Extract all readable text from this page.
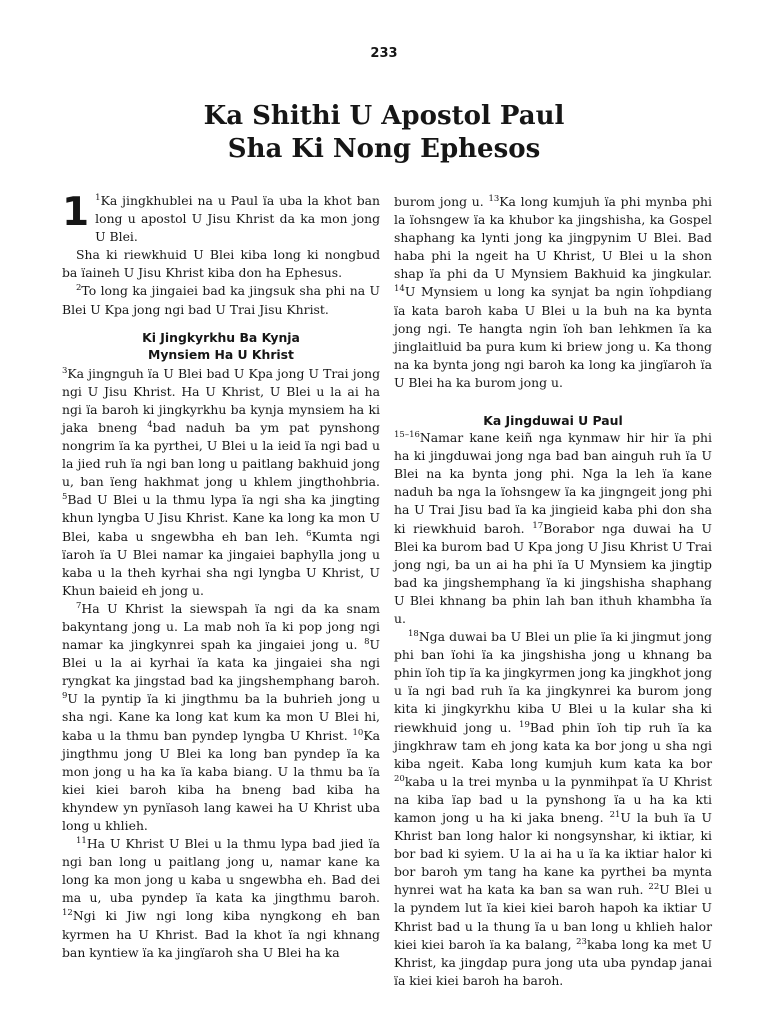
233
Ka Shithi U Apostol Paul
Sha Ki Nong Ephesos

1 $^1$Ka jingkhublei na u Paul ïa uba la khot ban long u apostol U Jisu Khrist da ka mon jong U Blei.

Sha ki riewkhuid U Blei kiba long ki nongbud ba ïaineh U Jisu Khrist kiba don ha Ephesus.

$^2$To long ka jingaiei bad ka jingsuk sha phi na U Blei U Kpa jong ngi bad U Trai Jisu Khrist.

Ki Jingkyrkhu Ba Kynja
Mynsiem Ha U Khrist

$^3$Ka jingnguh ïa U Blei bad U Kpa jong U Trai jong ngi U Jisu Khrist. Ha U Khrist, U Blei u la ai ha ngi ïa baroh ki jingkyrkhu ba kynja mynsiem ha ki jaka bneng $^4$bad naduh ba ym pat pynshong nongrim ïa ka pyrthei, U Blei u la ieid ïa ngi bad u la jied ruh ïa ngi ban long u paitlang bakhuid jong u, ban ïeng hakhmat jong u khlem jingthohbria. $^5$Bad U Blei u la thmu lypa ïa ngi sha ka jingting khun lyngba U Jisu Khrist. Kane ka long ka mon U Blei, kaba u sngewbha eh ban leh. $^6$Kumta ngi ïaroh ïa U Blei namar ka jingaiei baphylla jong u kaba u la theh kyrhai sha ngi lyngba U Khrist, U Khun baieid eh jong u.

$^7$Ha U Khrist la siewspah ïa ngi da ka snam bakyntang jong u. La mab noh ïa ki pop jong ngi namar ka jingkynrei spah ka jingaiei jong u. $^8$U Blei u la ai kyrhai ïa kata ka jingaiei sha ngi ryngkat ka jingstad bad ka jingshemphang baroh. $^9$U la pyntip ïa ki jingthmu ba la buhrieh jong u sha ngi. Kane ka long kat kum ka mon U Blei hi, kaba u la thmu ban pyndep lyngba U Khrist. $^{10}$Ka jingthmu jong U Blei ka long ban pyndep ïa ka mon jong u ha ka ïa kaba biang. U la thmu ba ïa kiei kiei baroh kiba ha bneng bad kiba ha khyndew yn pynïasoh lang kawei ha U Khrist uba long u khlieh.

$^{11}$Ha U Khrist U Blei u la thmu lypa bad jied ïa ngi ban long u paitlang jong u, namar kane ka long ka mon jong u kaba u sngewbha eh. Bad dei ma u, uba pyndep ïa kata ka jingthmu baroh. $^{12}$Ngi ki Jiw ngi long kiba nyngkong eh ban kyrmen ha U Khrist. Bad la khot ïa ngi khnang ban kyntiew ïa ka jingïaroh sha U Blei ha ka

burom jong u. $^{13}$Ka long kumjuh ïa phi mynba phi la ïohsngew ïa ka khubor ka jingshisha, ka Gospel shaphang ka lynti jong ka jingpynim U Blei. Bad haba phi la ngeit ha U Khrist, U Blei u la shon shap ïa phi da U Mynsiem Bakhuid ka jingkular. $^{14}$U Mynsiem u long ka synjat ba ngin ïohpdiang ïa kata baroh kaba U Blei u la buh na ka bynta jong ngi. Te hangta ngin ïoh ban lehkmen ïa ka jinglaitluid ba pura kum ki briew jong u. Ka thong na ka bynta jong ngi baroh ka long ka jingïaroh ïa U Blei ha ka burom jong u.

Ka Jingduwai U Paul

$^{15-16}$Namar kane keiñ nga kynmaw hir hir ïa phi ha ki jingduwai jong nga bad ban ainguh ruh ïa U Blei na ka bynta jong phi. Nga la leh ïa kane naduh ba nga la ïohsngew ïa ka jingngeit jong phi ha U Trai Jisu bad ïa ka jingieid kaba phi don sha ki riewkhuid baroh. $^{17}$Borabor nga duwai ha U Blei ka burom bad U Kpa jong U Jisu Khrist U Trai jong ngi, ba un ai ha phi ïa U Mynsiem ka jingtip bad ka jingshemphang ïa ki jingshisha shaphang U Blei khnang ba phin lah ban ithuh khambha ïa u.

$^{18}$Nga duwai ba U Blei un plie ïa ki jingmut jong phi ban ïohi ïa ka jingshisha jong u khnang ba phin ïoh tip ïa ka jingkyrmen jong ka jingkhot jong u ïa ngi bad ruh ïa ka jingkynrei ka burom jong kita ki jingkyrkhu kiba U Blei u la kular sha ki riewkhuid jong u. $^{19}$Bad phin ïoh tip ruh ïa ka jingkhraw tam eh jong kata ka bor jong u sha ngi kiba ngeit. Kaba long kumjuh kum kata ka bor $^{20}$kaba u la trei mynba u la pynmihpat ïa U Khrist na kiba ïap bad u la pynshong ïa u ha ka kti kamon jong u ha ki jaka bneng. $^{21}$U la buh ïa U Khrist ban long halor ki nongsynshar, ki iktiar, ki bor bad ki syiem. U la ai ha u ïa ka iktiar halor ki bor baroh ym tang ha kane ka pyrthei ba mynta hynrei wat ha kata ka ban sa wan ruh. $^{22}$U Blei u la pyndem lut ïa kiei kiei baroh hapoh ka iktiar U Khrist bad u la thung ïa u ban long u khlieh halor kiei kiei baroh ïa ka balang, $^{23}$kaba long ka met U Khrist, ka jingdap pura jong uta uba pyndap janai ïa kiei kiei baroh ha baroh.
